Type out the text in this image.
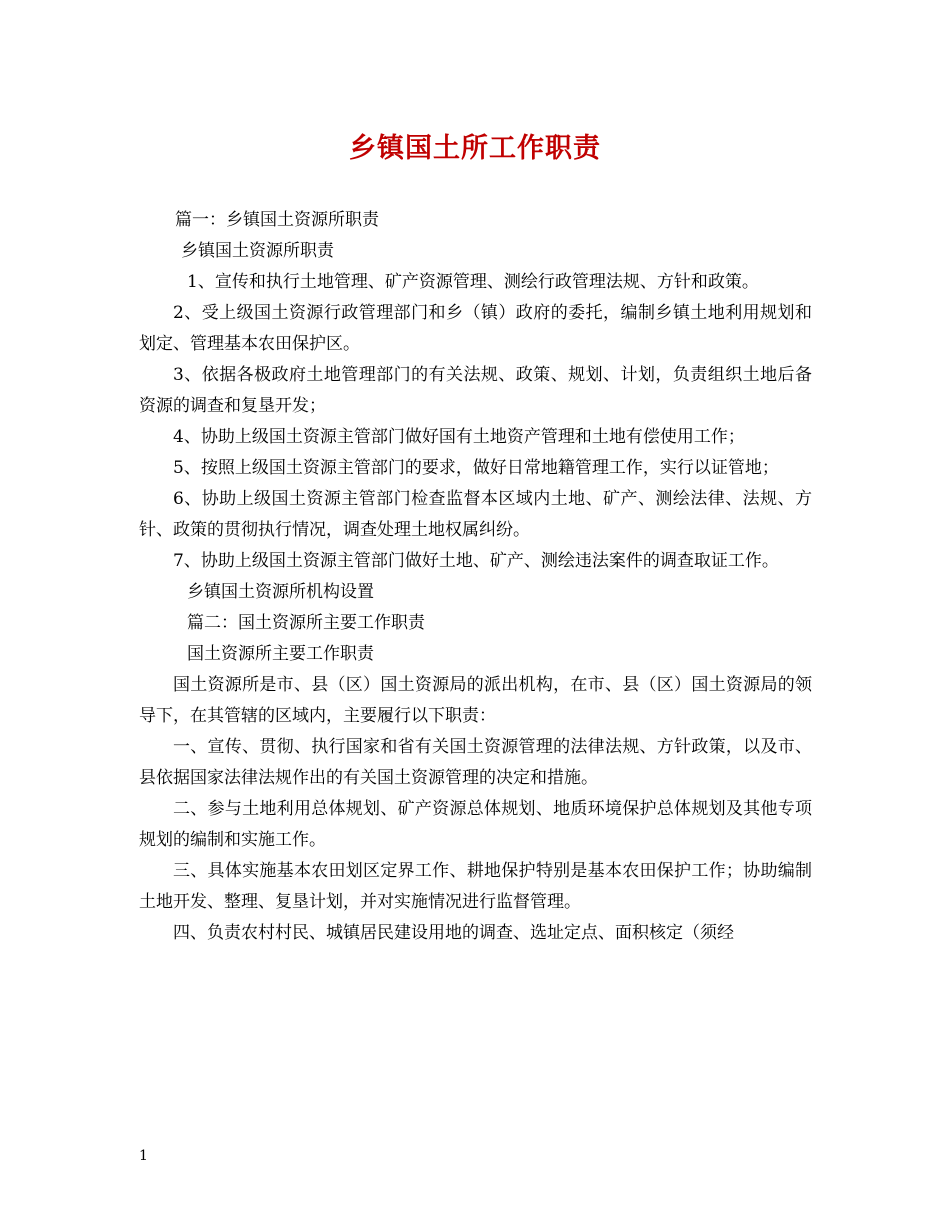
乡镇国土所工作职责

篇一：乡镇国土资源所职责

乡镇国土资源所职责

1、宣传和执行土地管理、矿产资源管理、测绘行政管理法规、方针和政策。

2、受上级国土资源行政管理部门和乡（镇）政府的委托，编制乡镇土地利用规划和划定、管理基本农田保护区。

3、依据各极政府土地管理部门的有关法规、政策、规划、计划，负责组织土地后备资源的调查和复垦开发；

4、协助上级国土资源主管部门做好国有土地资产管理和土地有偿使用工作；

5、按照上级国土资源主管部门的要求，做好日常地籍管理工作，实行以证管地；

6、协助上级国土资源主管部门检查监督本区域内土地、矿产、测绘法律、法规、方针、政策的贯彻执行情况，调查处理土地权属纠纷。

7、协助上级国土资源主管部门做好土地、矿产、测绘违法案件的调查取证工作。

乡镇国土资源所机构设置

篇二：国土资源所主要工作职责

国土资源所主要工作职责

国土资源所是市、县（区）国土资源局的派出机构，在市、县（区）国土资源局的领导下，在其管辖的区域内，主要履行以下职责：

一、宣传、贯彻、执行国家和省有关国土资源管理的法律法规、方针政策，以及市、县依据国家法律法规作出的有关国土资源管理的决定和措施。

二、参与土地利用总体规划、矿产资源总体规划、地质环境保护总体规划及其他专项规划的编制和实施工作。

三、具体实施基本农田划区定界工作、耕地保护特别是基本农田保护工作；协助编制土地开发、整理、复垦计划，并对实施情况进行监督管理。

四、负责农村村民、城镇居民建设用地的调查、选址定点、面积核定（须经

1
